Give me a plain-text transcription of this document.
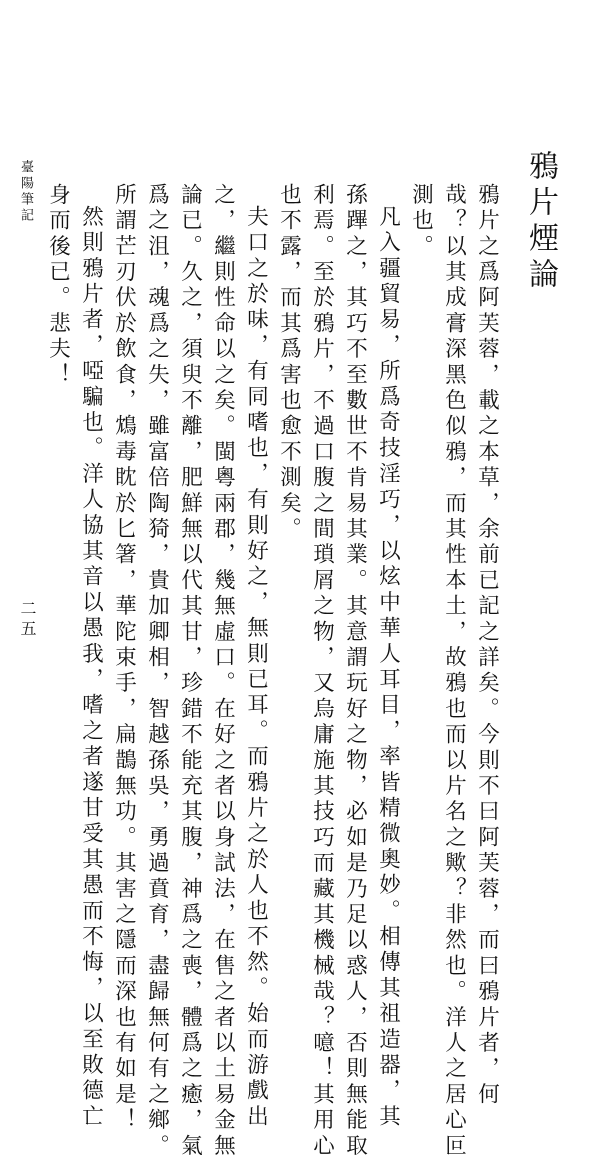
鴉片煙論
鴉片之爲阿芙蓉，載之本草，余前已記之詳矣。今則不曰阿芙蓉，而曰鴉片者，何
哉？以其成膏深黑色似鴉，而其性本土，故鴉也而以片名之歟？非然也。洋人之居心叵
測也。
凡入疆貿易，所爲奇技淫巧，以炫中華人耳目，率皆精微奧妙。相傳其祖造器，其
孫蹕之，其巧不至數世不肯易其業。其意謂玩好之物，必如是乃足以惑人，否則無能取
利焉。至於鴉片，不過口腹之間瑣屑之物，又烏庸施其技巧而藏其機械哉？噫！其用心
也不露，而其爲害也愈不測矣。
夫口之於味，有同嗜也，有則好之，無則已耳。而鴉片之於人也不然。始而游戲出
之，繼則性命以之矣。閩粵兩郡，幾無虛口。在好之者以身試法，在售之者以土易金無
論已。久之，須臾不離，肥鮮無以代其甘，珍錯不能充其腹，神爲之喪，體爲之癒，氣
爲之沮，魂爲之失，雖富倍陶猗，貴加卿相，智越孫吳，勇過賁育，盡歸無何有之鄉。
所謂芒刃伏於飲食，鴆毒眈於匕箸，華陀束手，扁鵲無功。其害之隱而深也有如是！
然則鴉片者，啞騙也。洋人協其音以愚我，嗜之者遂甘受其愚而不悔，以至敗德亡
身而後已。悲夫！
臺陽筆記
二五
